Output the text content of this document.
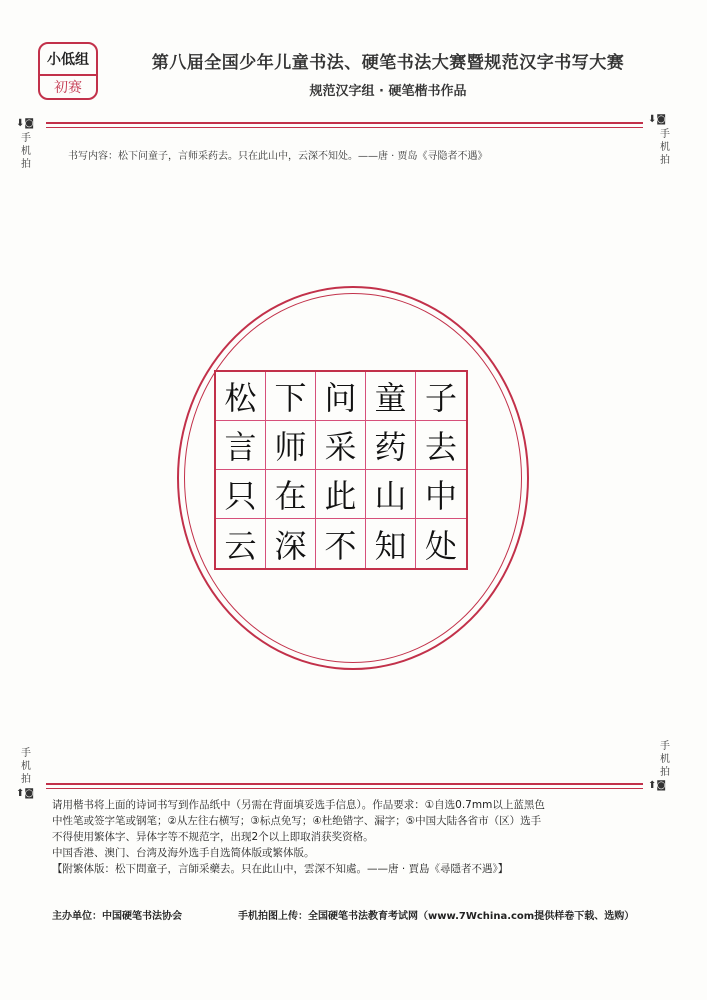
小低组
初赛
第八届全国少年儿童书法、硬笔书法大赛暨规范汉字书写大赛
规范汉字组 · 硬笔楷书作品
⬇◙
手
机
拍
⬇◙
手
机
拍
书写内容：松下问童子，言师采药去。只在此山中，云深不知处。——唐 · 贾岛《寻隐者不遇》
松 下 问 童 子
言 师 采 药 去
只 在 此 山 中
云 深 不 知 处
手
机
拍
⬆◙
手
机
拍
⬆◙

请用楷书将上面的诗词书写到作品纸中（另需在背面填妥选手信息）。作品要求：①自选0.7mm以上蓝黑色

中性笔或签字笔或钢笔；②从左往右横写；③标点免写；④杜绝错字、漏字；⑤中国大陆各省市（区）选手

不得使用繁体字、异体字等不规范字，出现2个以上即取消获奖资格。

中国香港、澳门、台湾及海外选手自选简体版或繁体版。

【附繁体版：松下問童子，言師采藥去。只在此山中，雲深不知處。——唐 · 賈島《尋隱者不遇》】

主办单位：中国硬笔书法协会	手机拍图上传：全国硬笔书法教育考试网（www.7Wchina.com提供样卷下载、选购）
